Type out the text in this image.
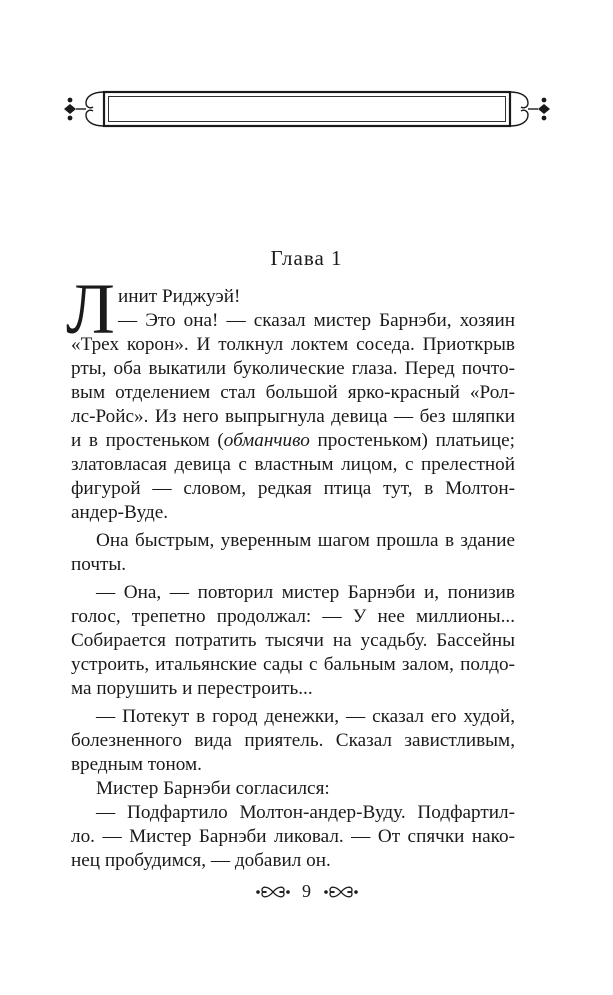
Глава 1
Л инит Риджуэй!
— Это она! — сказал мистер Барнэби, хозяин
«Трех корон». И толкнул локтем соседа. Приоткрыв
рты, оба выкатили буколические глаза. Перед почто-
вым отделением стал большой ярко-красный «Рол-
лс-Ройс». Из него выпрыгнула девица — без шляпки
и в простеньком (обманчиво простеньком) платьице;
златовласая девица с властным лицом, с прелестной
фигурой — словом, редкая птица тут, в Молтон-
андер-Вуде.
Она быстрым, уверенным шагом прошла в здание
почты.
— Она, — повторил мистер Барнэби и, понизив
голос, трепетно продолжал: — У нее миллионы...
Собирается потратить тысячи на усадьбу. Бассейны
устроить, итальянские сады с бальным залом, полдо-
ма порушить и перестроить...
— Потекут в город денежки, — сказал его худой,
болезненного вида приятель. Сказал завистливым,
вредным тоном.
Мистер Барнэби согласился:
— Подфартило Молтон-андер-Вуду. Подфартил-
ло. — Мистер Барнэби ликовал. — От спячки нако-
нец пробудимся, — добавил он.
9
